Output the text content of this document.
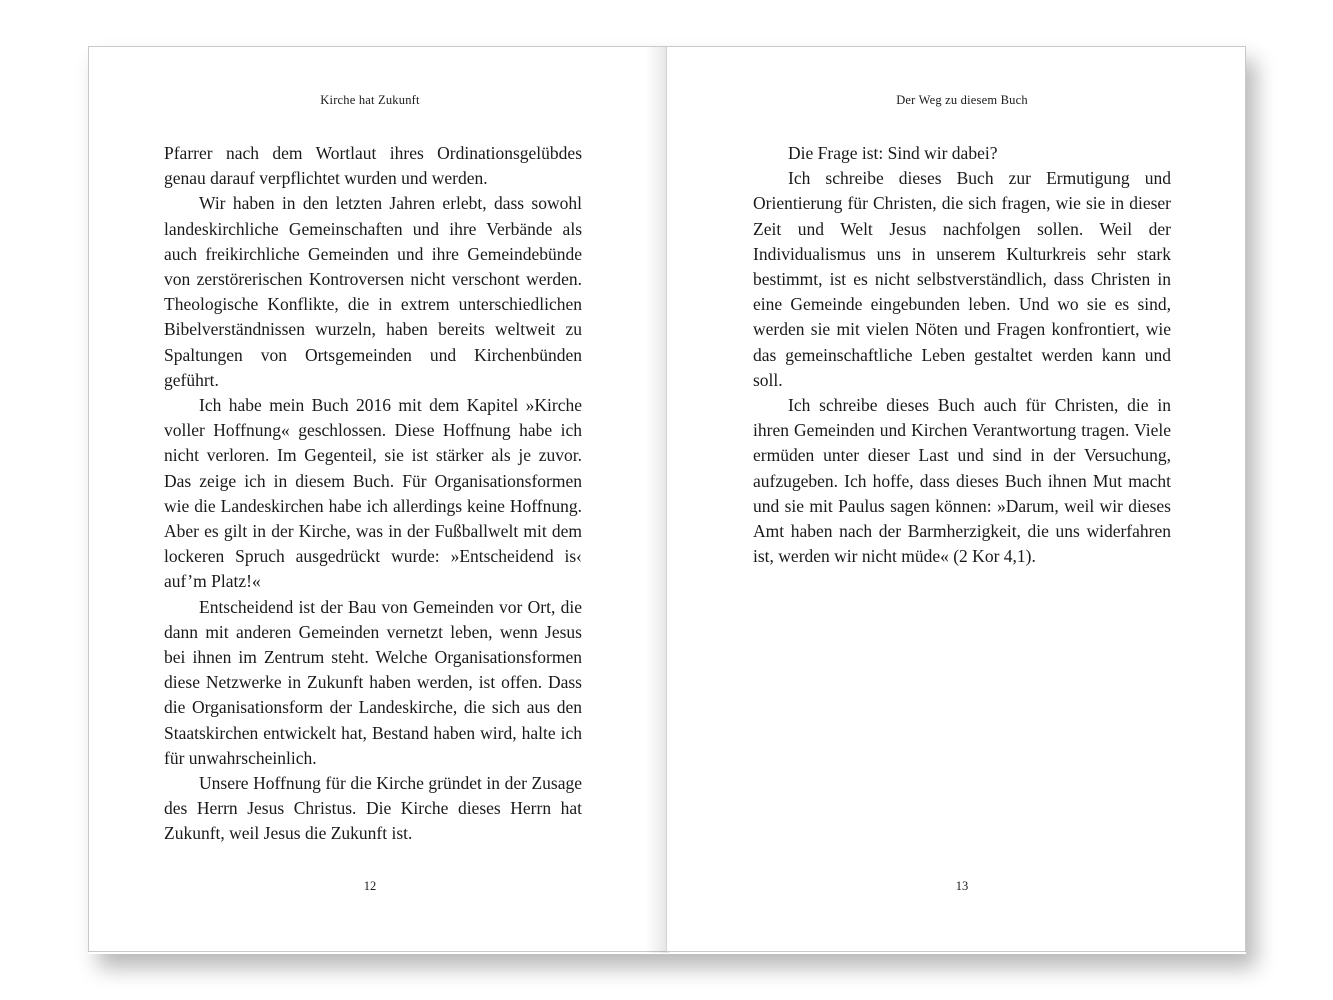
Kirche hat Zukunft

Pfarrer nach dem Wortlaut ihres Ordinationsgelübdes genau darauf verpflichtet wurden und werden.

Wir haben in den letzten Jahren erlebt, dass sowohl landeskirchliche Gemeinschaften und ihre Verbände als auch freikirchliche Gemeinden und ihre Gemeindebünde von zerstörerischen Kontroversen nicht verschont werden. Theologische Konflikte, die in extrem unterschiedlichen Bibelverständnissen wurzeln, haben bereits weltweit zu Spaltungen von Ortsgemeinden und Kirchenbünden geführt.

Ich habe mein Buch 2016 mit dem Kapitel »Kirche voller Hoffnung« geschlossen. Diese Hoffnung habe ich nicht verloren. Im Gegenteil, sie ist stärker als je zuvor. Das zeige ich in diesem Buch. Für Organisationsformen wie die Landeskirchen habe ich allerdings keine Hoffnung. Aber es gilt in der Kirche, was in der Fußballwelt mit dem lockeren Spruch ausgedrückt wurde: »Entscheidend is‹ auf’m Platz!«

Entscheidend ist der Bau von Gemeinden vor Ort, die dann mit anderen Gemeinden vernetzt leben, wenn Jesus bei ihnen im Zentrum steht. Welche Organisationsformen diese Netzwerke in Zukunft haben werden, ist offen. Dass die Organisationsform der Landeskirche, die sich aus den Staatskirchen entwickelt hat, Bestand haben wird, halte ich für unwahrscheinlich.

Unsere Hoffnung für die Kirche gründet in der Zusage des Herrn Jesus Christus. Die Kirche dieses Herrn hat Zukunft, weil Jesus die Zukunft ist.

12
Der Weg zu diesem Buch

Die Frage ist: Sind wir dabei?

Ich schreibe dieses Buch zur Ermutigung und Orientierung für Christen, die sich fragen, wie sie in dieser Zeit und Welt Jesus nachfolgen sollen. Weil der Individualismus uns in unserem Kulturkreis sehr stark bestimmt, ist es nicht selbstverständlich, dass Christen in eine Gemeinde eingebunden leben. Und wo sie es sind, werden sie mit vielen Nöten und Fragen konfrontiert, wie das gemeinschaftliche Leben gestaltet werden kann und soll.

Ich schreibe dieses Buch auch für Christen, die in ihren Gemeinden und Kirchen Verantwortung tragen. Viele ermüden unter dieser Last und sind in der Versuchung, aufzugeben. Ich hoffe, dass dieses Buch ihnen Mut macht und sie mit Paulus sagen können: »Darum, weil wir dieses Amt haben nach der Barmherzigkeit, die uns widerfahren ist, werden wir nicht müde« (2 Kor 4,1).

13
